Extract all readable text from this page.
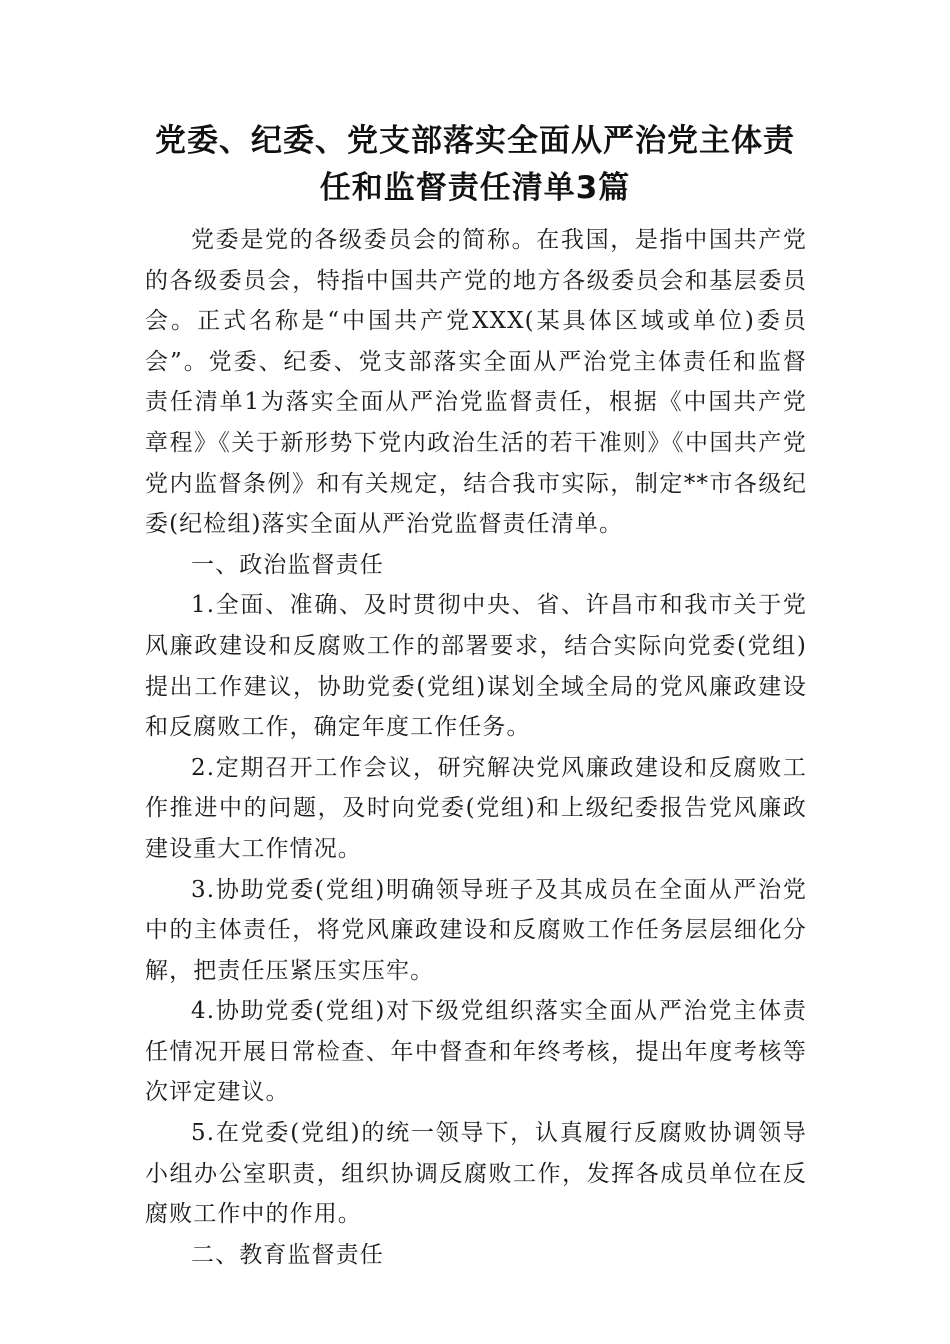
党委、纪委、党支部落实全面从严治党主体责
任和监督责任清单3篇

党委是党的各级委员会的简称。在我国，是指中国共产党的各级委员会，特指中国共产党的地方各级委员会和基层委员会。正式名称是“中国共产党XXX(某具体区域或单位)委员会”。党委、纪委、党支部落实全面从严治党主体责任和监督责任清单1为落实全面从严治党监督责任，根据《中国共产党章程》《关于新形势下党内政治生活的若干准则》《中国共产党党内监督条例》和有关规定，结合我市实际，制定**市各级纪委(纪检组)落实全面从严治党监督责任清单。

一、政治监督责任

1.全面、准确、及时贯彻中央、省、许昌市和我市关于党风廉政建设和反腐败工作的部署要求，结合实际向党委(党组)提出工作建议，协助党委(党组)谋划全域全局的党风廉政建设和反腐败工作，确定年度工作任务。

2.定期召开工作会议，研究解决党风廉政建设和反腐败工作推进中的问题，及时向党委(党组)和上级纪委报告党风廉政建设重大工作情况。

3.协助党委(党组)明确领导班子及其成员在全面从严治党中的主体责任，将党风廉政建设和反腐败工作任务层层细化分解，把责任压紧压实压牢。

4.协助党委(党组)对下级党组织落实全面从严治党主体责任情况开展日常检查、年中督查和年终考核，提出年度考核等次评定建议。

5.在党委(党组)的统一领导下，认真履行反腐败协调领导小组办公室职责，组织协调反腐败工作，发挥各成员单位在反腐败工作中的作用。

二、教育监督责任
